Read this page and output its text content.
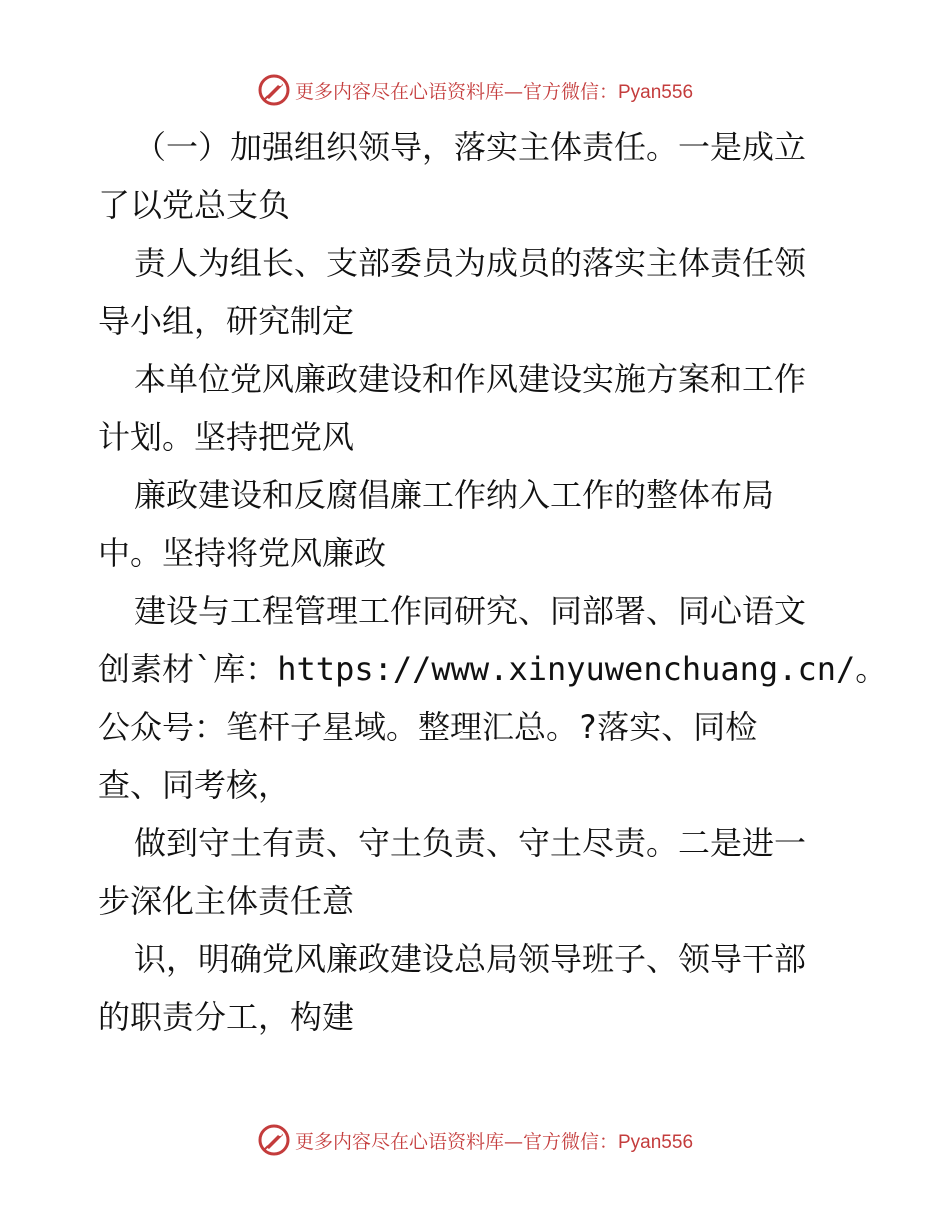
更多内容尽在心语资料库—官方微信：Pyan556
（一）加强组织领导，落实主体责任。一是成立
了以党总支负
责人为组长、支部委员为成员的落实主体责任领
导小组，研究制定
本单位党风廉政建设和作风建设实施方案和工作
计划。坚持把党风
廉政建设和反腐倡廉工作纳入工作的整体布局
中。坚持将党风廉政
建设与工程管理工作同研究、同部署、同心语文
创素材`库：https://www.xinyuwenchuang.cn/。
公众号：笔杆子星域。整理汇总。?落实、同检
查、同考核，
做到守土有责、守土负责、守土尽责。二是进一
步深化主体责任意
识，明确党风廉政建设总局领导班子、领导干部
的职责分工，构建
更多内容尽在心语资料库—官方微信：Pyan556
